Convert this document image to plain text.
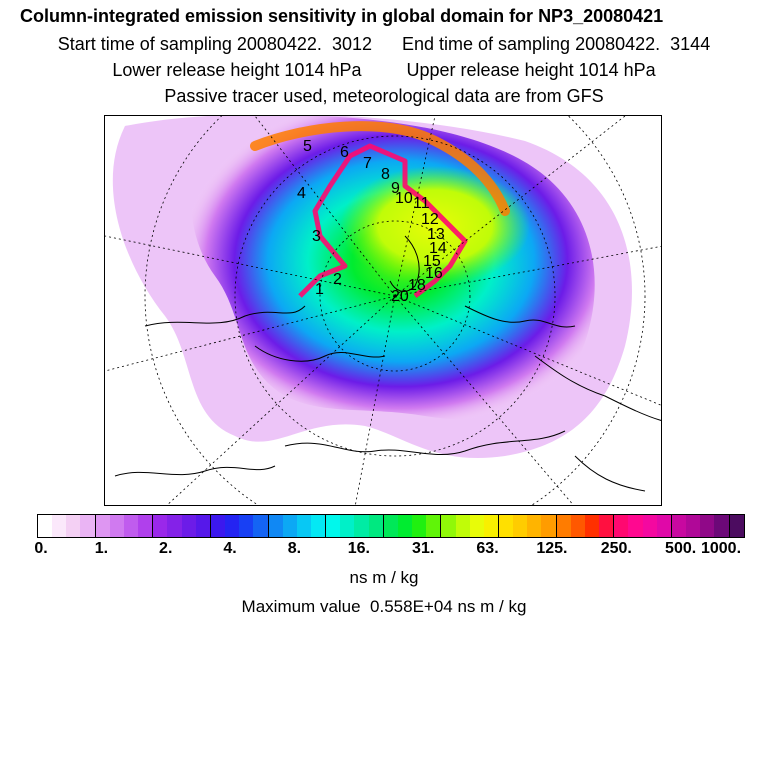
Column-integrated emission sensitivity in global domain for NP3_20080421
Start time of sampling 20080422.  3012      End time of sampling 20080422.  3144
Lower release height 1014 hPa         Upper release height 1014 hPa
Passive tracer used, meteorological data are from GFS
1
2
3
4
5 6
7
8
9
10 11
12
13
14
15
16
18
20
0.	1.	2.	4.	8.	16.	31.	63. 125. 250. 500. 1000.
ns m / kg
Maximum value  0.558E+04 ns m / kg
